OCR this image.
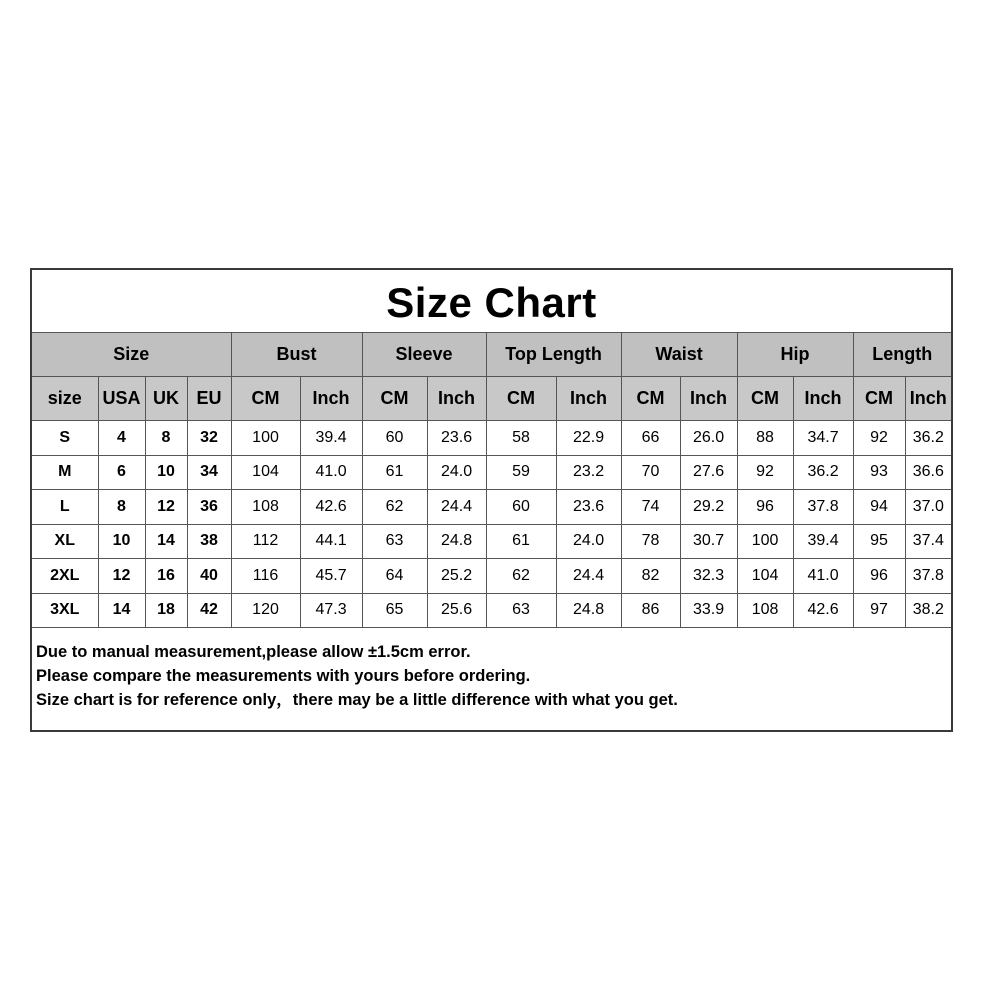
Size Chart
Size				Bust		Sleeve		Top Length		Waist		Hip		Length	
size	USA	UK	EU	CM	Inch	CM	Inch	CM	Inch	CM	Inch	CM	Inch	CM	Inch
S	4	8	32	100	39.4	60	23.6	58	22.9	66	26.0	88	34.7	92	36.2
M	6	10	34	104	41.0	61	24.0	59	23.2	70	27.6	92	36.2	93	36.6
L	8	12	36	108	42.6	62	24.4	60	23.6	74	29.2	96	37.8	94	37.0
XL	10	14	38	112	44.1	63	24.8	61	24.0	78	30.7	100	39.4	95	37.4
2XL	12	16	40	116	45.7	64	25.2	62	24.4	82	32.3	104	41.0	96	37.8
3XL	14	18	42	120	47.3	65	25.6	63	24.8	86	33.9	108	42.6	97	38.2
Due to manual measurement,please allow ±1.5cm error.
Please compare the measurements with yours before ordering.
Size chart is for reference only，there may be a little difference with what you get.
